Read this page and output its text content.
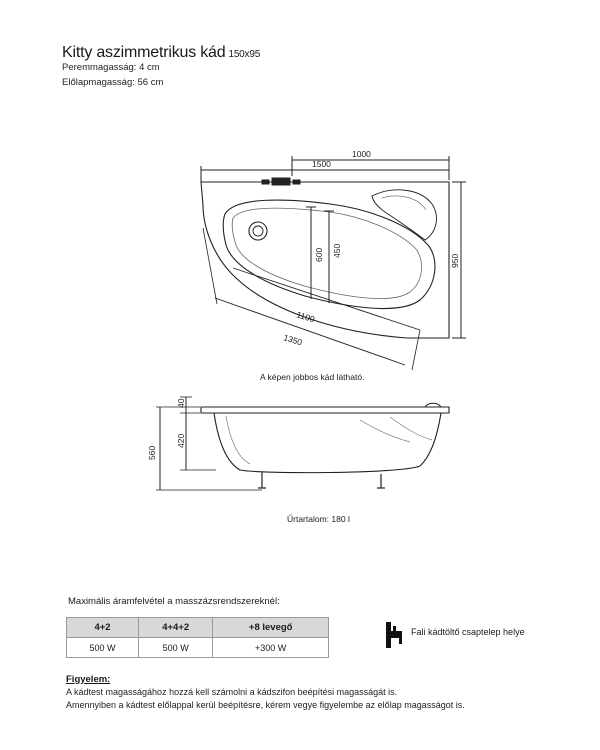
Kitty aszimmetrikus kád 150x95
Peremmagasság: 4 cm
Előlapmagasság: 56 cm
1000
1500
950
600 450
1100
1350
A képen jobbos kád látható.
40
420
560
Űrtartalom: 180 l
Maximális áramfelvétel a masszázsrendszereknél:
4+2	4+4+2	+8 levegő
500 W	500 W	+300 W
Fali kádtöltő csaptelep helye
Figyelem:
A kádtest magasságához hozzá kell számolni a kádszifon beépítési magasságát is.
Amennyiben a kádtest előlappal kerül beépítésre, kérem vegye figyelembe az előlap magasságot is.
